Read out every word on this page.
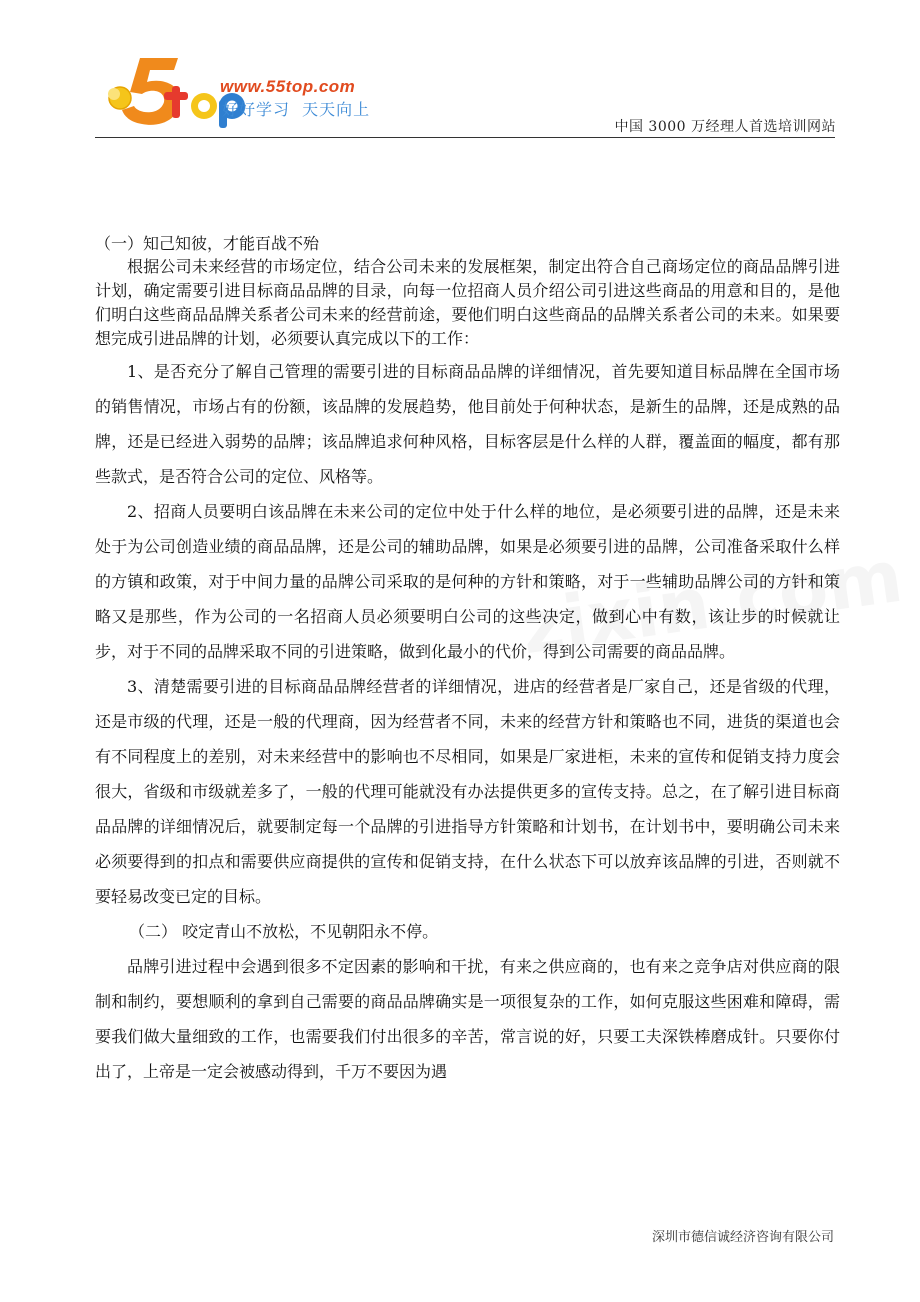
www.55top.com
好好学习  天天向上
中国 3000 万经理人首选培训网站

（一）知己知彼，才能百战不殆

根据公司未来经营的市场定位，结合公司未来的发展框架，制定出符合自己商场定位的商品品牌引进计划，确定需要引进目标商品品牌的目录，向每一位招商人员介绍公司引进这些商品的用意和目的，是他们明白这些商品品牌关系者公司未来的经营前途，要他们明白这些商品的品牌关系者公司的未来。如果要想完成引进品牌的计划，必须要认真完成以下的工作：

1、是否充分了解自己管理的需要引进的目标商品品牌的详细情况，首先要知道目标品牌在全国市场的销售情况，市场占有的份额，该品牌的发展趋势，他目前处于何种状态，是新生的品牌，还是成熟的品牌，还是已经进入弱势的品牌；该品牌追求何种风格，目标客层是什么样的人群，覆盖面的幅度，都有那些款式，是否符合公司的定位、风格等。

2、招商人员要明白该品牌在未来公司的定位中处于什么样的地位，是必须要引进的品牌，还是未来处于为公司创造业绩的商品品牌，还是公司的辅助品牌，如果是必须要引进的品牌，公司准备采取什么样的方镇和政策，对于中间力量的品牌公司采取的是何种的方针和策略，对于一些辅助品牌公司的方针和策略又是那些，作为公司的一名招商人员必须要明白公司的这些决定，做到心中有数，该让步的时候就让步，对于不同的品牌采取不同的引进策略，做到化最小的代价，得到公司需要的商品品牌。

3、清楚需要引进的目标商品品牌经营者的详细情况，进店的经营者是厂家自己，还是省级的代理，还是市级的代理，还是一般的代理商，因为经营者不同，未来的经营方针和策略也不同，进货的渠道也会有不同程度上的差别，对未来经营中的影响也不尽相同，如果是厂家进柜，未来的宣传和促销支持力度会很大，省级和市级就差多了，一般的代理可能就没有办法提供更多的宣传支持。总之，在了解引进目标商品品牌的详细情况后，就要制定每一个品牌的引进指导方针策略和计划书，在计划书中，要明确公司未来必须要得到的扣点和需要供应商提供的宣传和促销支持，在什么状态下可以放弃该品牌的引进，否则就不要轻易改变已定的目标。

（二） 咬定青山不放松，不见朝阳永不停。

品牌引进过程中会遇到很多不定因素的影响和干扰，有来之供应商的，也有来之竞争店对供应商的限制和制约，要想顺利的拿到自己需要的商品品牌确实是一项很复杂的工作，如何克服这些困难和障碍，需要我们做大量细致的工作，也需要我们付出很多的辛苦，常言说的好，只要工夫深铁棒磨成针。只要你付出了，上帝是一定会被感动得到，千万不要因为遇

深圳市德信诚经济咨询有限公司
